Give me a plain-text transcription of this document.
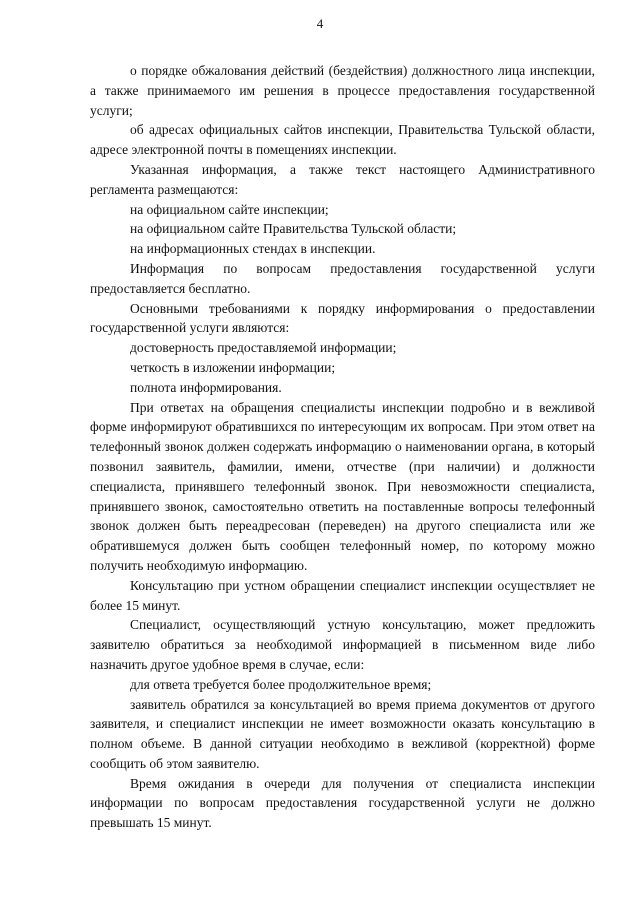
4

о порядке обжалования действий (бездействия) должностного лица инспекции, а также принимаемого им решения в процессе предоставления государственной услуги;

об адресах официальных сайтов инспекции, Правительства Тульской области, адресе электронной почты в помещениях инспекции.

Указанная информация, а также текст настоящего Административного регламента размещаются:

на официальном сайте инспекции;

на официальном сайте Правительства Тульской области;

на информационных стендах в инспекции.

Информация по вопросам предоставления государственной услуги предоставляется бесплатно.

Основными требованиями к порядку информирования о предоставлении государственной услуги являются:

достоверность предоставляемой информации;

четкость в изложении информации;

полнота информирования.

При ответах на обращения специалисты инспекции подробно и в вежливой форме информируют обратившихся по интересующим их вопросам. При этом ответ на телефонный звонок должен содержать информацию о наименовании органа, в который позвонил заявитель, фамилии, имени, отчестве (при наличии) и должности специалиста, принявшего телефонный звонок. При невозможности специалиста, принявшего звонок, самостоятельно ответить на поставленные вопросы телефонный звонок должен быть переадресован (переведен) на другого специалиста или же обратившемуся должен быть сообщен телефонный номер, по которому можно получить необходимую информацию.

Консультацию при устном обращении специалист инспекции осуществляет не более 15 минут.

Специалист, осуществляющий устную консультацию, может предложить заявителю обратиться за необходимой информацией в письменном виде либо назначить другое удобное время в случае, если:

для ответа требуется более продолжительное время;

заявитель обратился за консультацией во время приема документов от другого заявителя, и специалист инспекции не имеет возможности оказать консультацию в полном объеме. В данной ситуации необходимо в вежливой (корректной) форме сообщить об этом заявителю.

Время ожидания в очереди для получения от специалиста инспекции информации по вопросам предоставления государственной услуги не должно превышать 15 минут.
